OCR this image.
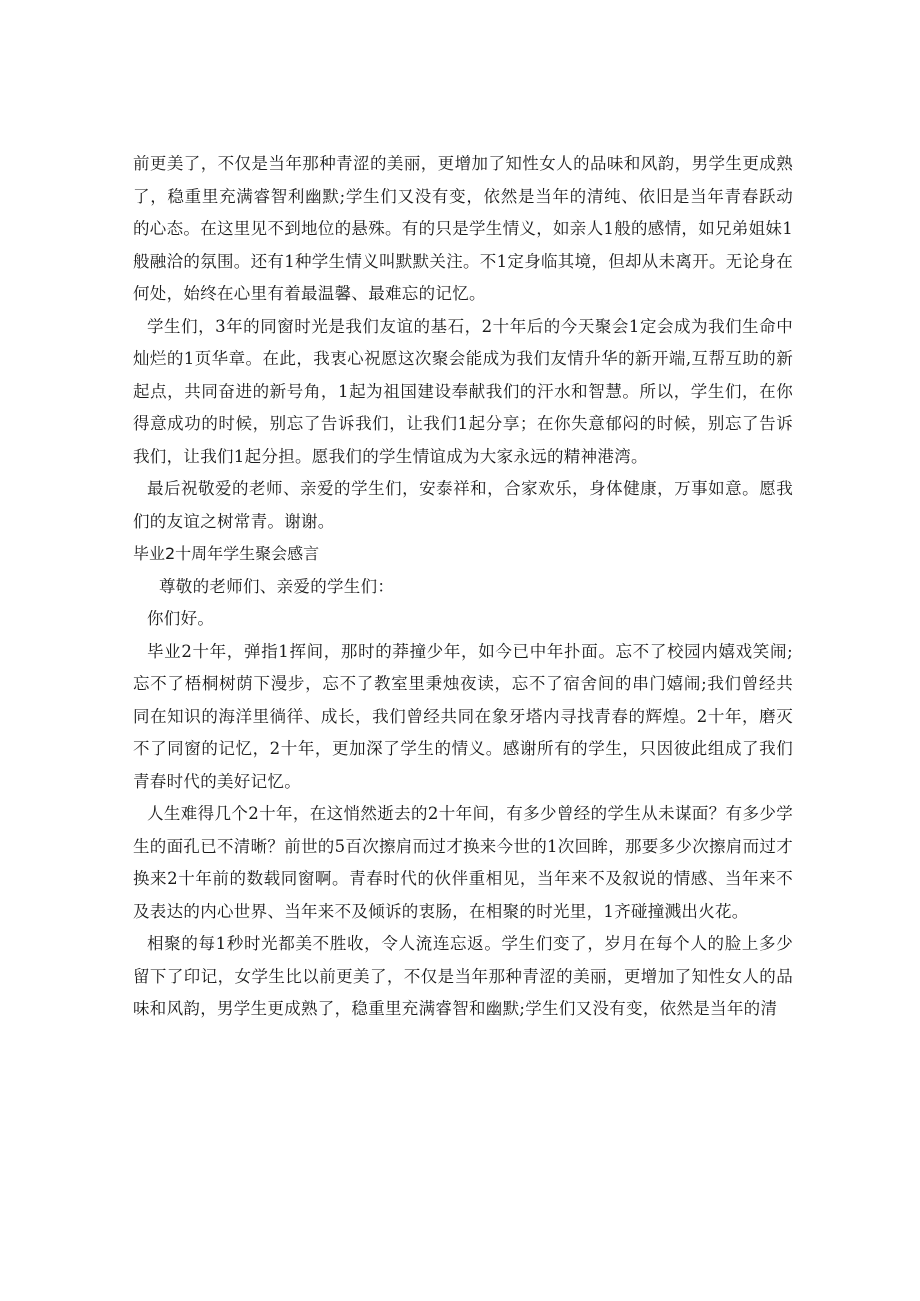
前更美了，不仅是当年那种青涩的美丽，更增加了知性女人的品味和风韵，男学生更成熟了，稳重里充满睿智利幽默;学生们又没有变，依然是当年的清纯、依旧是当年青春跃动的心态。在这里见不到地位的悬殊。有的只是学生情义，如亲人1般的感情，如兄弟姐妹1般融洽的氛围。还有1种学生情义叫默默关注。不1定身临其境，但却从未离开。无论身在何处，始终在心里有着最温馨、最难忘的记忆。

学生们，3年的同窗时光是我们友谊的基石，2十年后的今天聚会1定会成为我们生命中灿烂的1页华章。在此，我衷心祝愿这次聚会能成为我们友情升华的新开端,互帮互助的新起点，共同奋进的新号角，1起为祖国建设奉献我们的汗水和智慧。所以，学生们，在你得意成功的时候，别忘了告诉我们，让我们1起分享；在你失意郁闷的时候，别忘了告诉我们，让我们1起分担。愿我们的学生情谊成为大家永远的精神港湾。

最后祝敬爱的老师、亲爱的学生们，安泰祥和，合家欢乐，身体健康，万事如意。愿我们的友谊之树常青。谢谢。

毕业2十周年学生聚会感言

尊敬的老师们、亲爱的学生们：

你们好。

毕业2十年，弹指1挥间，那时的莽撞少年，如今已中年扑面。忘不了校园内嬉戏笑闹;忘不了梧桐树荫下漫步，忘不了教室里秉烛夜读，忘不了宿舍间的串门嬉闹;我们曾经共同在知识的海洋里徜徉、成长，我们曾经共同在象牙塔内寻找青春的辉煌。2十年，磨灭不了同窗的记忆，2十年，更加深了学生的情义。感谢所有的学生，只因彼此组成了我们青春时代的美好记忆。

人生难得几个2十年，在这悄然逝去的2十年间，有多少曾经的学生从未谋面？有多少学生的面孔已不清晰？前世的5百次擦肩而过才换来今世的1次回眸，那要多少次擦肩而过才换来2十年前的数载同窗啊。青春时代的伙伴重相见，当年来不及叙说的情感、当年来不及表达的内心世界、当年来不及倾诉的衷肠，在相聚的时光里，1齐碰撞溅出火花。

相聚的每1秒时光都美不胜收，令人流连忘返。学生们变了，岁月在每个人的脸上多少留下了印记，女学生比以前更美了，不仅是当年那种青涩的美丽，更增加了知性女人的品味和风韵，男学生更成熟了，稳重里充满睿智和幽默;学生们又没有变，依然是当年的清
